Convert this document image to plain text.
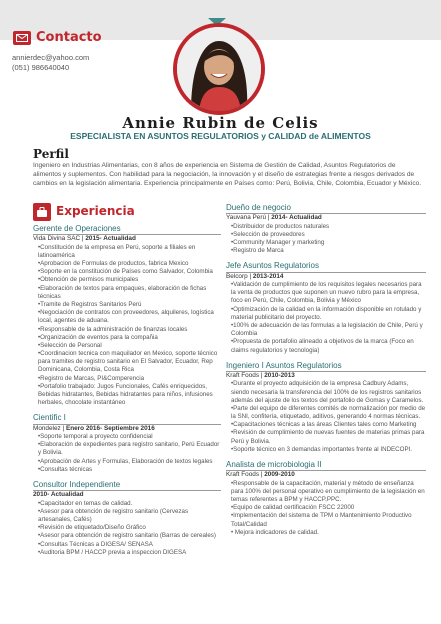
Contacto
annierdec@yahoo.com
(051) 986640040
Annie Rubin de Celis
ESPECIALISTA EN ASUNTOS REGULATORIOS y CALIDAD de ALIMENTOS
Perfil
Ingeniero en Industrias Alimentarias, con 8 años de experiencia en Sistema de Gestión de Calidad, Asuntos Regulatorios de alimentos y suplementos. Con habilidad para la negociación, la innovación y el diseño de estrategias frente a riesgos derivados de cambios en la legislación alimentaria. Experiencia principalmente en Países como: Perú, Bolivia, Chile, Colombia, Ecuador y México.
Experiencia
Gerente de Operaciones
Vida Divina SAC | 2015- Actualidad
•Constitución de la empresa en Perú, soporte a filiales en latinoamérica
•Aprobacion de Formulas de productos, fabrica Mexico
•Soporte en la constitución de Países como Salvador, Colombia
•Obtención de permisos municipales
•Elaboración de textos para empaques, elaboración de fichas técnicas
•Tramite de Registros Sanitarios Perú
•Negociación de contratos con proveedores, alquileres, logística local, agentes de aduana.
•Responsable de la administración de finanzas locales
•Organización de eventos para la compañia
•Selección de Personal
•Coordinacion tecnica con maquilador en Mexico, soporte técnico para tramites de registro sanitario en El Salvador, Ecuador, Rep Dominicana, Colombia, Costa Rica
•Registro de Marcas, PI&Comperencia
•Portafolio trabajado: Jugos Funcionales, Cafés enriquecidos, Bebidas hidratantes, Bebidas hidratantes para niños, infusiones herbales, chocolate instantáneo
Cientific I
Mondelez | Enero 2016- Septiembre 2016
•Soporte temporal a proyecto confidencial
•Elaboración de expedientes para registro sanitario, Perú Ecuador y Bolivia.
•Aprobación de Artes y Formulas, Elaboración de textos legales
•Consultas técnicas
Consultor Independiente
2010- Actualidad
•Capacitador en temas de calidad.
•Asesor para obtención de registro sanitario (Cervezas artesanales, Cafés)
•Revisión de etiquetado/Diseño Gráfico
•Asesor para obtención de registro sanitario (Barras de cereales)
•Consultas Técnicas a DIGESA/ SENASA
•Auditoria BPM / HACCP previa a inspeccion DIGESA
Dueño de negocio
Yauvana Perú | 2014- Actualidad
•Distribuidor de productos naturales
•Selección de proveedores
•Community Manager y marketing
•Registro de Marca
Jefe Asuntos Regulatorios
Belcorp | 2013-2014
•Validación de cumplimiento de los requisitos legales necesarios para la venta de productos que suponen un nuevo rubro para la empresa, foco en Perú, Chile, Colombia, Bolivia y México
•Optimización de la calidad en la información disponible en rotulado y material publicitario del proyecto.
•100% de adecuación de las formulas a la legislación de Chile, Perú y Colombia
•Propuesta de portafolio alineado a objetivos de la marca (Foco en claims regulatorios y tecnologia)
Ingeniero I Asuntos Regulatorios
Kraft Foods | 2010-2013
•Durante el proyecto adquisición de la empresa Cadbury Adams, siendo necesaria la transferencia del 100% de los registros sanitarios además del ajuste de los textos del portafolio de Gomas y Caramelos.
•Parte del equipo de diferentes comités de normalización por medio de la SNI, confitería, etiquetado, aditivos, generando 4 normas técnicas.
•Capacitaciones técnicas a las áreas Clientes tales como Marketing
•Revisión de cumplimiento de nuevas fuentes de materias primas para Perú y Bolivia.
•Soporte técnico en 3 demandas importantes frente al INDECOPI.
Analista de microbiologia II
Kraft Foods | 2009-2010
•Responsable de la capacitación, material y método de enseñanza para 100% del personal operativo en cumplimiento de la legislación en temas referentes a BPM y HACCP,PPC.
•Equipo de calidad certificación FSCC 22000
•Implementación del sistema de TPM o Mantenimiento Productivo Total/Calidad
• Mejora indicadores de calidad.
